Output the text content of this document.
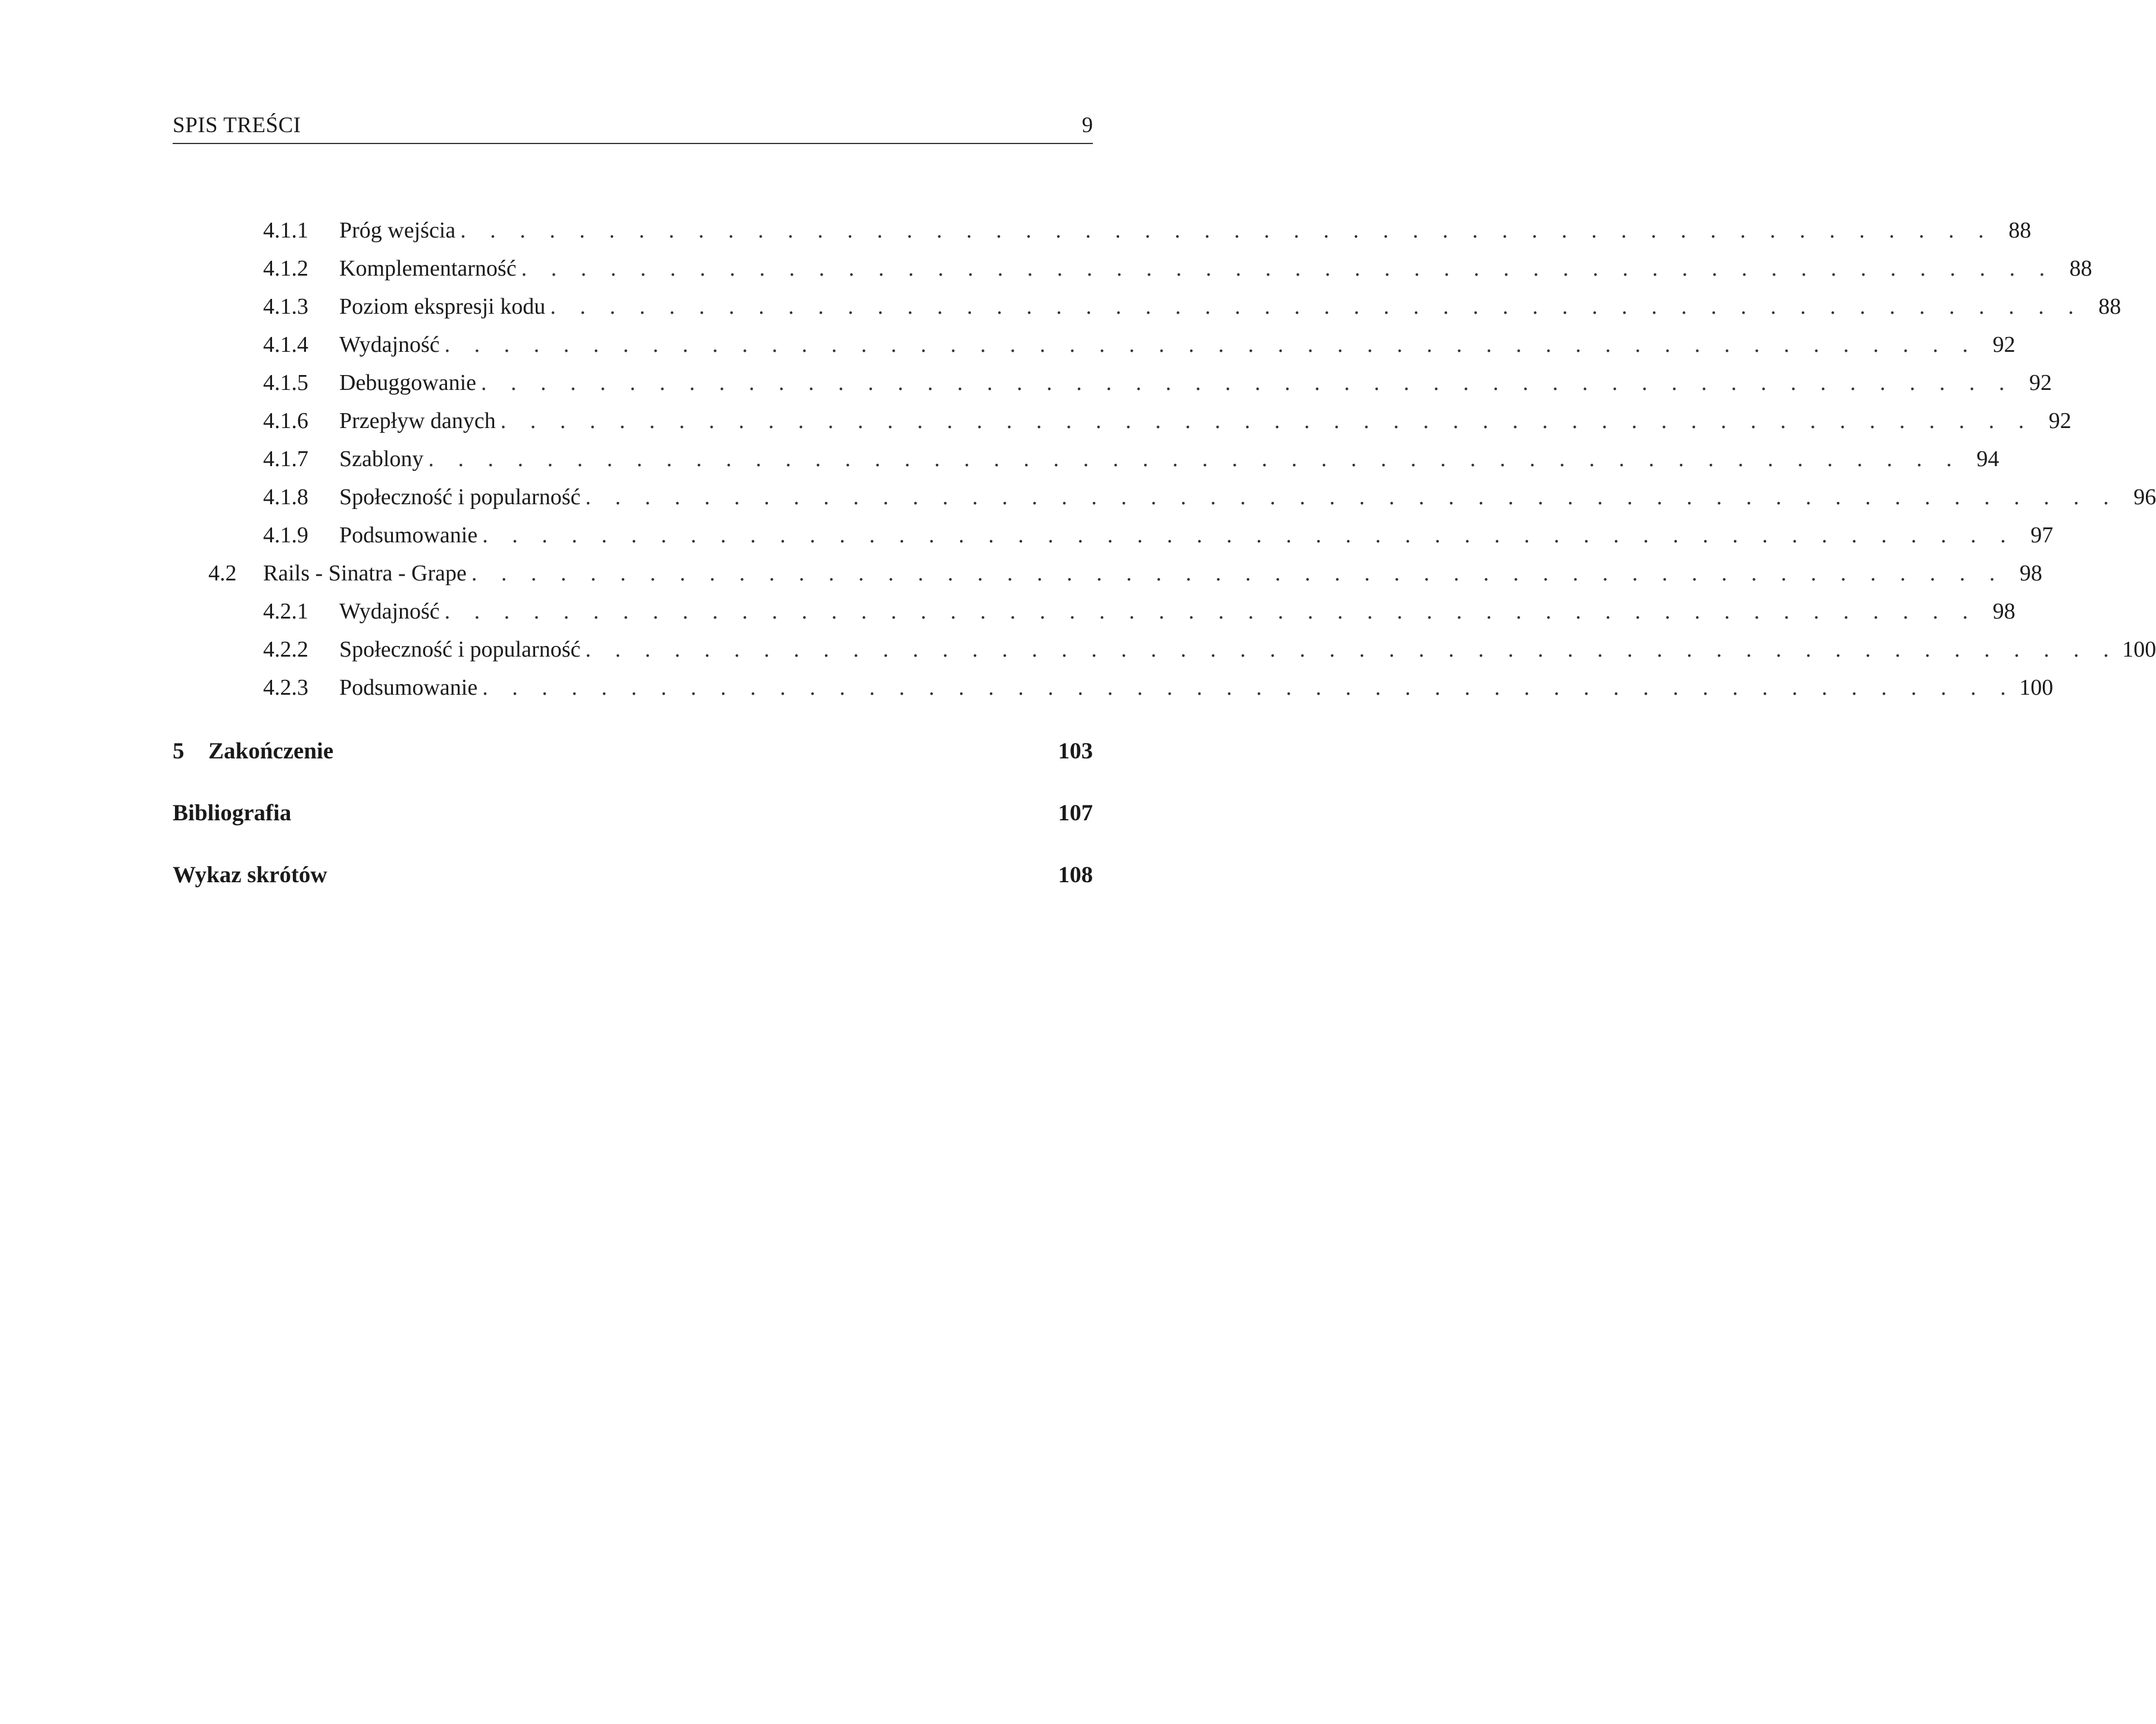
SPIS TREŚCI	9
4.1.1	Próg wejścia . . . . . . . . . . . . . . . . . . . . . . . . . . . . . . . . . . . . . . . . . . . . . . . . . . . . 88
4.1.2	Komplementarność . . . . . . . . . . . . . . . . . . . . . . . . . . . . . . . . . . . . . . . . . . . . . . . . . . . . 88
4.1.3	Poziom ekspresji kodu . . . . . . . . . . . . . . . . . . . . . . . . . . . . . . . . . . . . . . . . . . . . . . . . . . . . 88
4.1.4	Wydajność . . . . . . . . . . . . . . . . . . . . . . . . . . . . . . . . . . . . . . . . . . . . . . . . . . . . 92
4.1.5	Debuggowanie . . . . . . . . . . . . . . . . . . . . . . . . . . . . . . . . . . . . . . . . . . . . . . . . . . . . 92
4.1.6	Przepływ danych . . . . . . . . . . . . . . . . . . . . . . . . . . . . . . . . . . . . . . . . . . . . . . . . . . . . 92
4.1.7	Szablony . . . . . . . . . . . . . . . . . . . . . . . . . . . . . . . . . . . . . . . . . . . . . . . . . . . . 94
4.1.8	Społeczność i popularność . . . . . . . . . . . . . . . . . . . . . . . . . . . . . . . . . . . . . . . . . . . . . . . . . . . . 96
4.1.9	Podsumowanie . . . . . . . . . . . . . . . . . . . . . . . . . . . . . . . . . . . . . . . . . . . . . . . . . . . . 97
4.2	Rails - Sinatra - Grape . . . . . . . . . . . . . . . . . . . . . . . . . . . . . . . . . . . . . . . . . . . . . . . . . . . . 98
4.2.1	Wydajność . . . . . . . . . . . . . . . . . . . . . . . . . . . . . . . . . . . . . . . . . . . . . . . . . . . . 98
4.2.2	Społeczność i popularność . . . . . . . . . . . . . . . . . . . . . . . . . . . . . . . . . . . . . . . . . . . . . . . . . . . . 100
4.2.3	Podsumowanie . . . . . . . . . . . . . . . . . . . . . . . . . . . . . . . . . . . . . . . . . . . . . . . . . . . . 100
5	Zakończenie	103
Bibliografia	107
Wykaz skrótów	108
